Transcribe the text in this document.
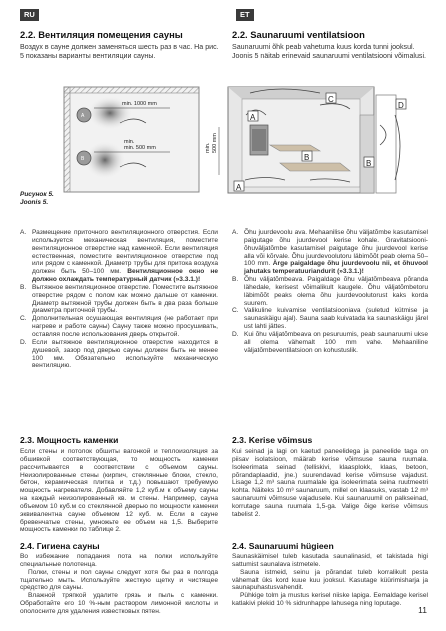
RU	ET
2.2. Вентиляция помещения сауны	2.2. Saunaruumi ventilatsioon
Воздух в сауне должен заменяться шесть раз в час. На рис. 5 показаны варианты вентиляции сауны.
Saunaruumi õhk peab vahetuma kuus korda tunni jooksul. Joonis 5 näitab erinevaid saunaruumi ventilatsiooni võimalusi.
min. 1000 mm
min.
min. 500 mm
A
B
min. 500 mm
A
A
B
B
C
D
Рисунок 5.
Joonis 5.

A. Размещение приточного вентиляционного отверстия. Если используется механическая вентиляция, поместите вентиляционное отверстие над каменкой. Если вентиляция естественная, поместите вентиляционное отверстие под или рядом с каменкой. Диаметр трубы для притока воздуха должен быть 50–100 мм. Вентиляционное окно не должно охлаждать температурный датчик (»3.3.1.)!

B. Вытяжное вентиляционное отверстие. Поместите вытяжное отверстие рядом с полом как можно дальше от каменки. Диаметр вытяжной трубы должен быть в два раза больше диаметра приточной трубы.

C. Дополнительная осушающая вентиляция (не работает при нагреве и работе сауны) Сауну также можно просушивать, оставляя после использования дверь открытой.

D. Если вытяжное вентиляционное отверстие находится в душевой, зазор под дверью сауны должен быть не менее 100 мм. Обязательно используйте механическую вентиляцию.

A. Õhu juurdevoolu ava. Mehaanilise õhu väljatõmbe kasutamisel paigutage õhu juurdevool kerise kohale. Gravitatsiooni-õhuväljatõmbe kasutamisel paigutage õhu juurdevool kerise alla või kõrvale. Õhu juurdevoolutoru läbimõõt peab olema 50–100 mm. Ärge paigaldage õhu juurdevoolu nii, et õhuvool jahutaks temperatuuriandurit (»3.3.1.)!

B. Õhu väljatõmbeava. Paigaldage õhu väljatõmbeava põranda lähedale, kerisest võimalikult kaugele. Õhu väljatõmbetoru läbimõõt peaks olema õhu juurdevoolutorust kaks korda suurem.

C. Valikuline kuivamise ventilatsiooniava (suletud kütmise ja saunaskäigu ajal). Sauna saab kuivatada ka saunaskäigu järel ust lahti jättes.

D. Kui õhu väljatõmbeava on pesuruumis, peab saunaruumi ukse all olema vähemalt 100 mm vahe. Mehaaniline väljatõmbeventilatsioon on kohustuslik.

2.3. Мощность каменки	2.3. Kerise võimsus
Если стены и потолок обшиты вагонкой и теплоизоляция за обшивкой соответствующая, то мощность каменки рассчитывается в соответствии с объемом сауны. Неизолированные стены (кирпич, стеклянные блоки, стекло, бетон, керамическая плитка и т.д.) повышают требуемую мощность нагревателя. Добавляйте 1,2 куб.м к объему сауны на каждый неизолированный кв. м стены. Например, сауна объемом 10 куб.м со стеклянной дверью по мощности каменки эквивалентна сауне объемом 12 куб. м. Если в сауне бревенчатые стены, умножьте ее объем на 1,5. Выберите мощность каменки по таблице 2.
Kui seinad ja lagi on kaetud paneelidega ja paneelide taga on piisav isolatsioon, määrab kerise võimsuse sauna ruumala. Isoleerimata seinad (telliskivi, klaasplokk, klaas, betoon, põrandaplaadid, jne.) suurendavad kerise võimsuse vajadust. Lisage 1,2 m³ sauna ruumalale iga isoleerimata seina ruutmeetri kohta. Näiteks 10 m³ saunaruum, millel on klaasuks, vastab 12 m³ saunaruumi võimsuse vajadusele. Kui saunaruumil on palkseinad, korrutage sauna ruumala 1,5-ga. Valige õige kerise võimsus tabelist 2.
2.4. Гигиена сауны	2.4. Saunaruumi hügieen

Во избежание попадания пота на полки используйте специальные полотенца.

Полки, стены и пол сауны следует хотя бы раз в полгода тщательно мыть. Используйте жесткую щетку и чистящее средство для сауны.

Влажной тряпкой удалите грязь и пыль с каменки. Обработайте его 10 %-ным раствором лимонной кислоты и ополосните для удаления известковых пятен.

Saunaskäimisel tuleb kasutada saunalinasid, et takistada higi sattumist saunalava istmetele.

Sauna istmeid, seinu ja põrandat tuleb korralikult pesta vähemalt üks kord kuue kuu jooksul. Kasutage küürimisharja ja saunapuhastusvahendit.

Pühkige tolm ja mustus kerisel niiske lapiga. Eemaldage kerisel katlakivi plekid 10 % sidrunhappe lahusega ning loputage.

11
